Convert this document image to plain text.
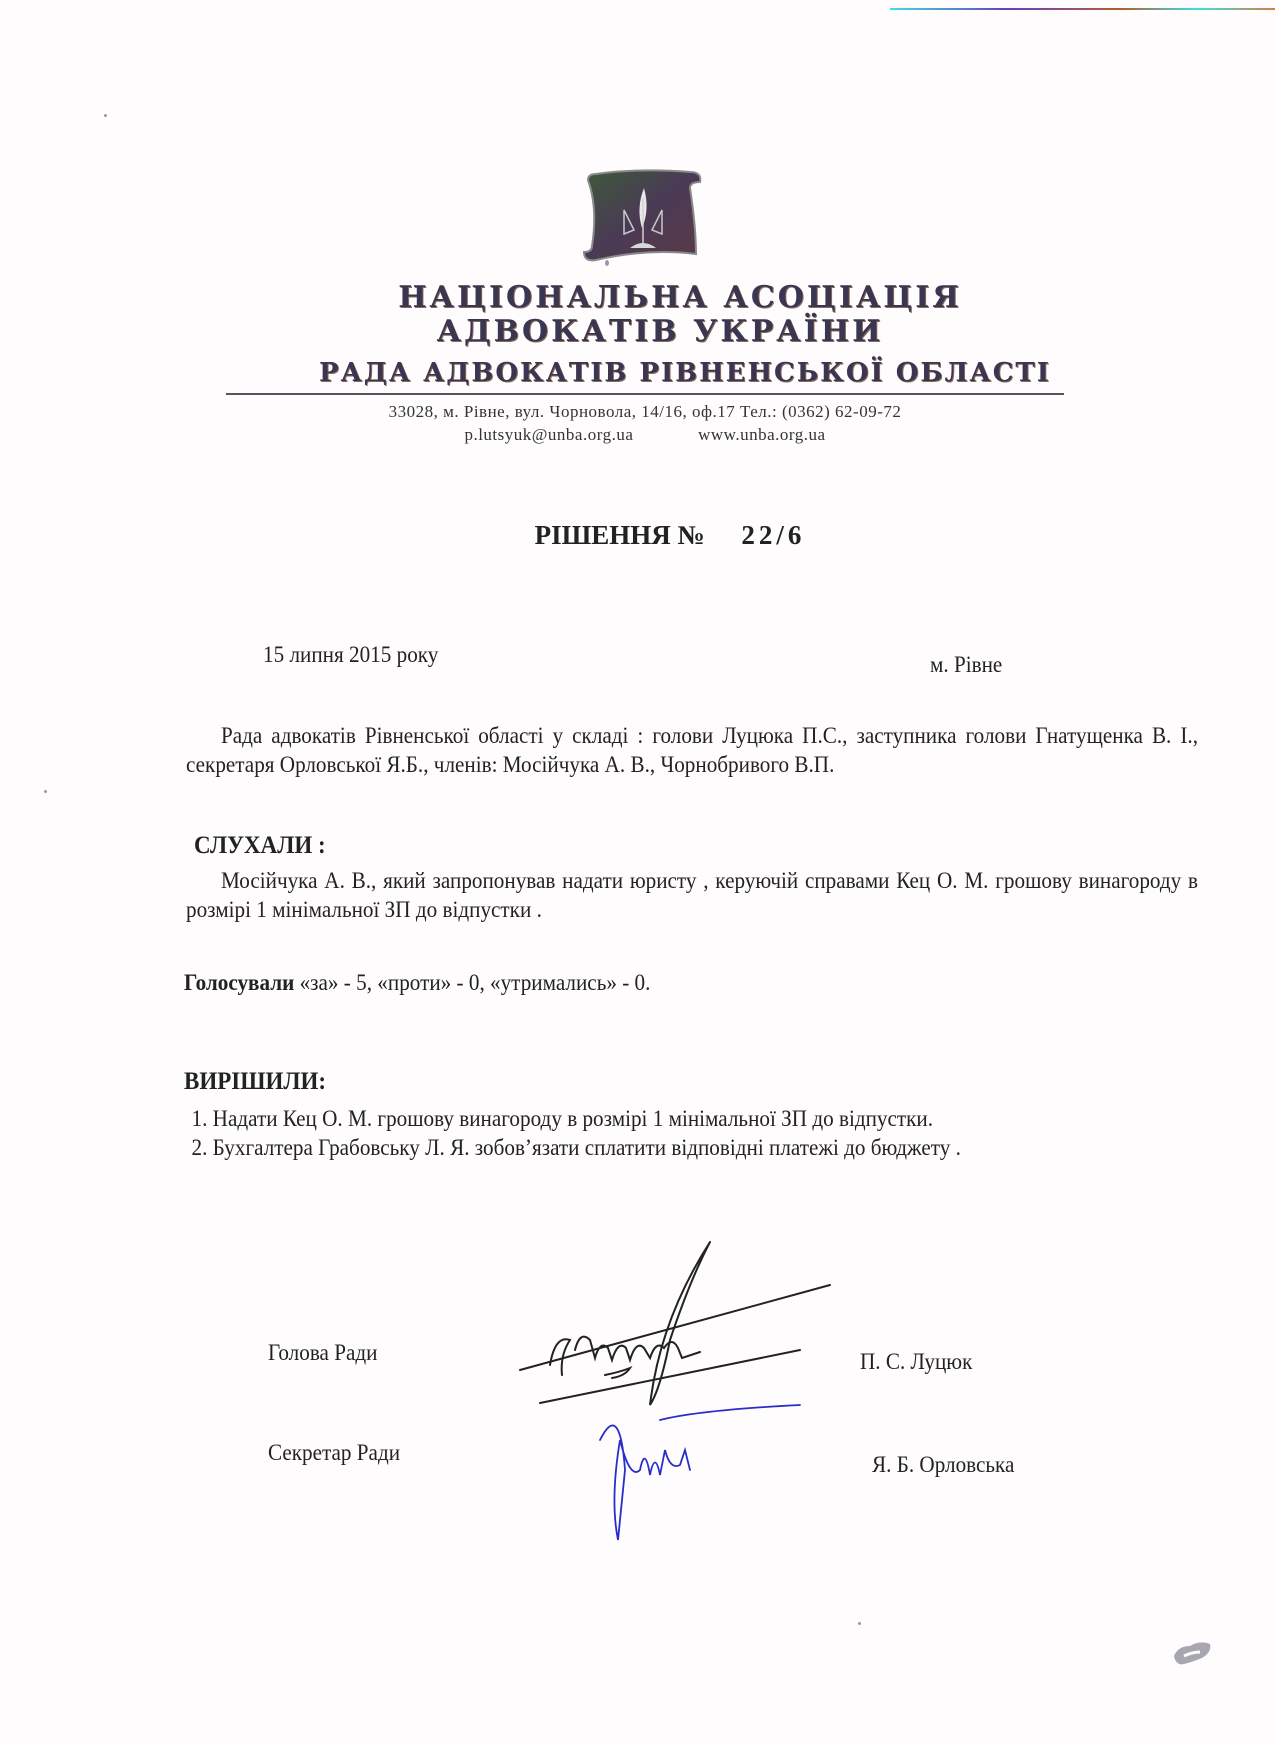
НАЦІОНАЛЬНА АСОЦІАЦІЯ
АДВОКАТІВ УКРАЇНИ
РАДА АДВОКАТІВ РІВНЕНСЬКОЇ ОБЛАСТІ
33028, м. Рівне, вул. Чорновола, 14/16, оф.17 Тел.: (0362) 62-09-72
p.lutsyuk@unba.org.ua	www.unba.org.ua
РІШЕННЯ № 22/6
15 липня 2015 року	м. Рівне
Рада адвокатів Рівненської області у складі : голови Луцюка П.С., заступника голови Гнатущенка В. І., секретаря Орловської Я.Б., членів: Мосійчука А. В., Чорнобривого В.П.
СЛУХАЛИ :
Мосійчука А. В., який запропонував надати юристу , керуючій справами Кец О. М. грошову винагороду в розмірі 1 мінімальної ЗП до відпустки .
Голосували «за» - 5, «проти» - 0, «утримались» - 0.
ВИРІШИЛИ:
1. Надати Кец О. М. грошову винагороду в розмірі 1 мінімальної ЗП до відпустки.
2. Бухгалтера Грабовську Л. Я. зобов’язати сплатити відповідні платежі до бюджету .
Голова Ради	П. С. Луцюк
Секретар Ради	Я. Б. Орловська
